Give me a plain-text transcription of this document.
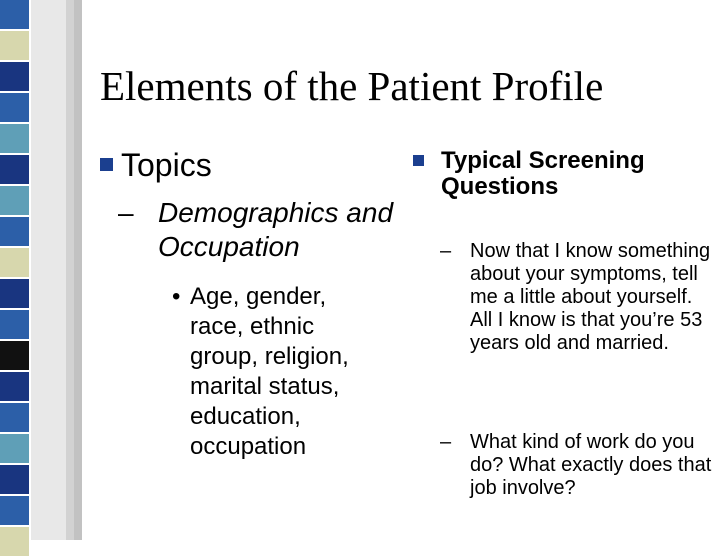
Elements of the Patient Profile
Topics
– Demographics and Occupation
• Age, gender, race, ethnic group, religion, marital status, education, occupation
Typical Screening Questions
– Now that I know something about your symptoms, tell me a little about yourself. All I know is that you’re 53 years old and married.
– What kind of work do you do? What exactly does that job involve?
